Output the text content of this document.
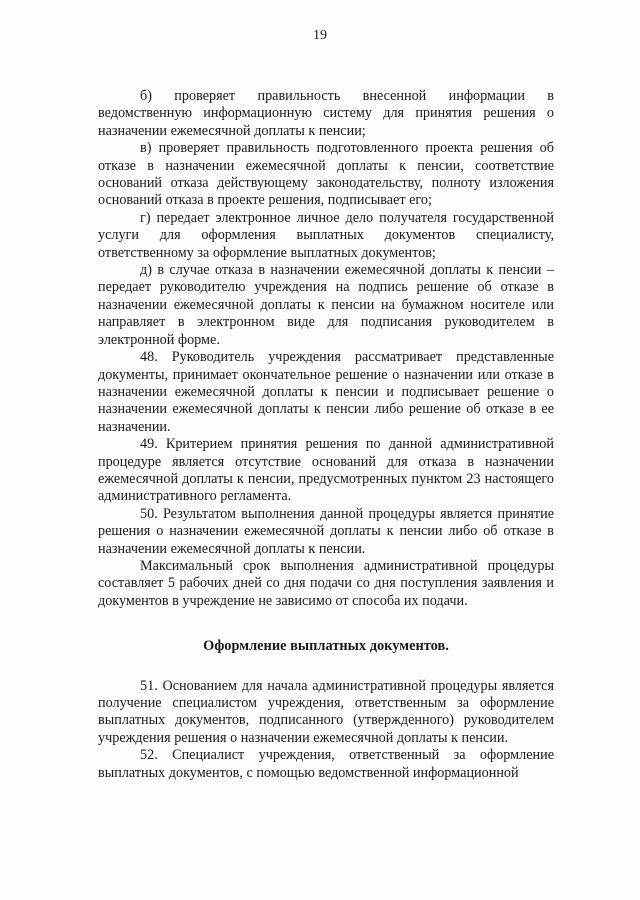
19

б) проверяет правильность внесенной информации в ведомственную информационную систему для принятия решения о назначении ежемесячной доплаты к пенсии;

в) проверяет правильность подготовленного проекта решения об отказе в назначении ежемесячной доплаты к пенсии, соответствие оснований отказа действующему законодательству, полноту изложения оснований отказа в проекте решения, подписывает его;

г) передает электронное личное дело получателя государственной услуги для оформления выплатных документов специалисту, ответственному за оформление выплатных документов;

д) в случае отказа в назначении ежемесячной доплаты к пенсии – передает руководителю учреждения на подпись решение об отказе в назначении ежемесячной доплаты к пенсии на бумажном носителе или направляет в электронном виде для подписания руководителем в электронной форме.

48. Руководитель учреждения рассматривает представленные документы, принимает окончательное решение о назначении или отказе в назначении ежемесячной доплаты к пенсии и подписывает решение о назначении ежемесячной доплаты к пенсии либо решение об отказе в ее назначении.

49. Критерием принятия решения по данной административной процедуре является отсутствие оснований для отказа в назначении ежемесячной доплаты к пенсии, предусмотренных пунктом 23 настоящего административного регламента.

50. Результатом выполнения данной процедуры является принятие решения о назначении ежемесячной доплаты к пенсии либо об отказе в назначении ежемесячной доплаты к пенсии.

Максимальный срок выполнения административной процедуры составляет 5 рабочих дней со дня подачи со дня поступления заявления и документов в учреждение не зависимо от способа их подачи.

Оформление выплатных документов.

51. Основанием для начала административной процедуры является получение специалистом учреждения, ответственным за оформление выплатных документов, подписанного (утвержденного) руководителем учреждения решения о назначении ежемесячной доплаты к пенсии.

52. Специалист учреждения, ответственный за оформление выплатных документов, с помощью ведомственной информационной
